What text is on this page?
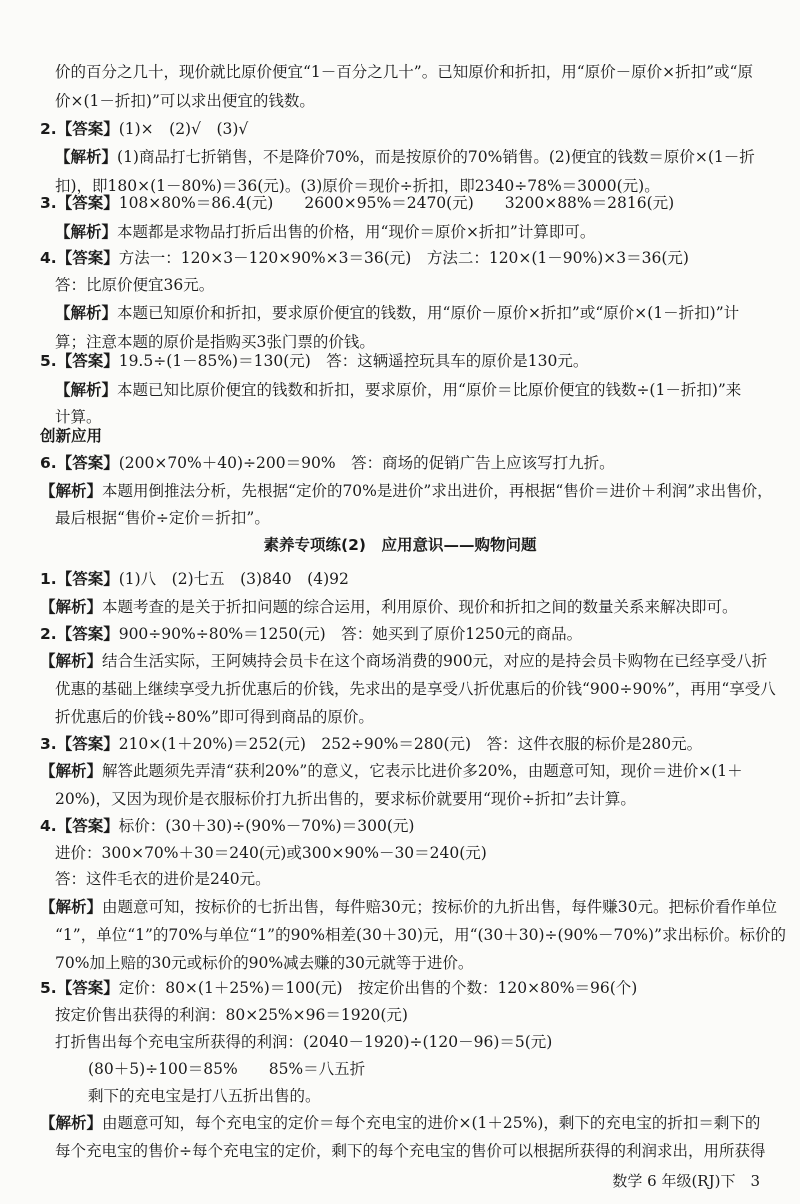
价的百分之几十，现价就比原价便宜“1－百分之几十”。已知原价和折扣，用“原价－原价×折扣”或“原
价×(1－折扣)”可以求出便宜的钱数。
2.【答案】(1)×　(2)√　(3)√
【解析】(1)商品打七折销售，不是降价70%，而是按原价的70%销售。(2)便宜的钱数＝原价×(1－折
扣)，即180×(1－80%)＝36(元)。(3)原价＝现价÷折扣，即2340÷78%＝3000(元)。
3.【答案】108×80%＝86.4(元)　　2600×95%＝2470(元)　　3200×88%＝2816(元)
【解析】本题都是求物品打折后出售的价格，用“现价＝原价×折扣”计算即可。
4.【答案】方法一：120×3－120×90%×3＝36(元)　方法二：120×(1－90%)×3＝36(元)
答：比原价便宜36元。
【解析】本题已知原价和折扣，要求原价便宜的钱数，用“原价－原价×折扣”或“原价×(1－折扣)”计
算；注意本题的原价是指购买3张门票的价钱。
5.【答案】19.5÷(1－85%)＝130(元)　答：这辆遥控玩具车的原价是130元。
【解析】本题已知比原价便宜的钱数和折扣，要求原价，用“原价＝比原价便宜的钱数÷(1－折扣)”来
计算。
创新应用
6.【答案】(200×70%＋40)÷200＝90%　答：商场的促销广告上应该写打九折。
【解析】本题用倒推法分析，先根据“定价的70%是进价”求出进价，再根据“售价＝进价＋利润”求出售价，
最后根据“售价÷定价＝折扣”。
素养专项练(2)　应用意识——购物问题
1.【答案】(1)八　(2)七五　(3)840　(4)92
【解析】本题考查的是关于折扣问题的综合运用，利用原价、现价和折扣之间的数量关系来解决即可。
2.【答案】900÷90%÷80%＝1250(元)　答：她买到了原价1250元的商品。
【解析】结合生活实际，王阿姨持会员卡在这个商场消费的900元，对应的是持会员卡购物在已经享受八折
优惠的基础上继续享受九折优惠后的价钱，先求出的是享受八折优惠后的价钱“900÷90%”，再用“享受八
折优惠后的价钱÷80%”即可得到商品的原价。
3.【答案】210×(1＋20%)＝252(元)　252÷90%＝280(元)　答：这件衣服的标价是280元。
【解析】解答此题须先弄清“获利20%”的意义，它表示比进价多20%，由题意可知，现价＝进价×(1＋
20%)，又因为现价是衣服标价打九折出售的，要求标价就要用“现价÷折扣”去计算。
4.【答案】标价：(30＋30)÷(90%－70%)＝300(元)
进价：300×70%＋30＝240(元)或300×90%－30＝240(元)
答：这件毛衣的进价是240元。
【解析】由题意可知，按标价的七折出售，每件赔30元；按标价的九折出售，每件赚30元。把标价看作单位
“1”，单位“1”的70%与单位“1”的90%相差(30＋30)元，用“(30＋30)÷(90%－70%)”求出标价。标价的
70%加上赔的30元或标价的90%减去赚的30元就等于进价。
5.【答案】定价：80×(1＋25%)＝100(元)　按定价出售的个数：120×80%＝96(个)
按定价售出获得的利润：80×25%×96＝1920(元)
打折售出每个充电宝所获得的利润：(2040－1920)÷(120－96)＝5(元)
(80＋5)÷100＝85%　　85%＝八五折
剩下的充电宝是打八五折出售的。
【解析】由题意可知，每个充电宝的定价＝每个充电宝的进价×(1＋25%)，剩下的充电宝的折扣＝剩下的
每个充电宝的售价÷每个充电宝的定价，剩下的每个充电宝的售价可以根据所获得的利润求出，用所获得
数学 6 年级(RJ)下　3
